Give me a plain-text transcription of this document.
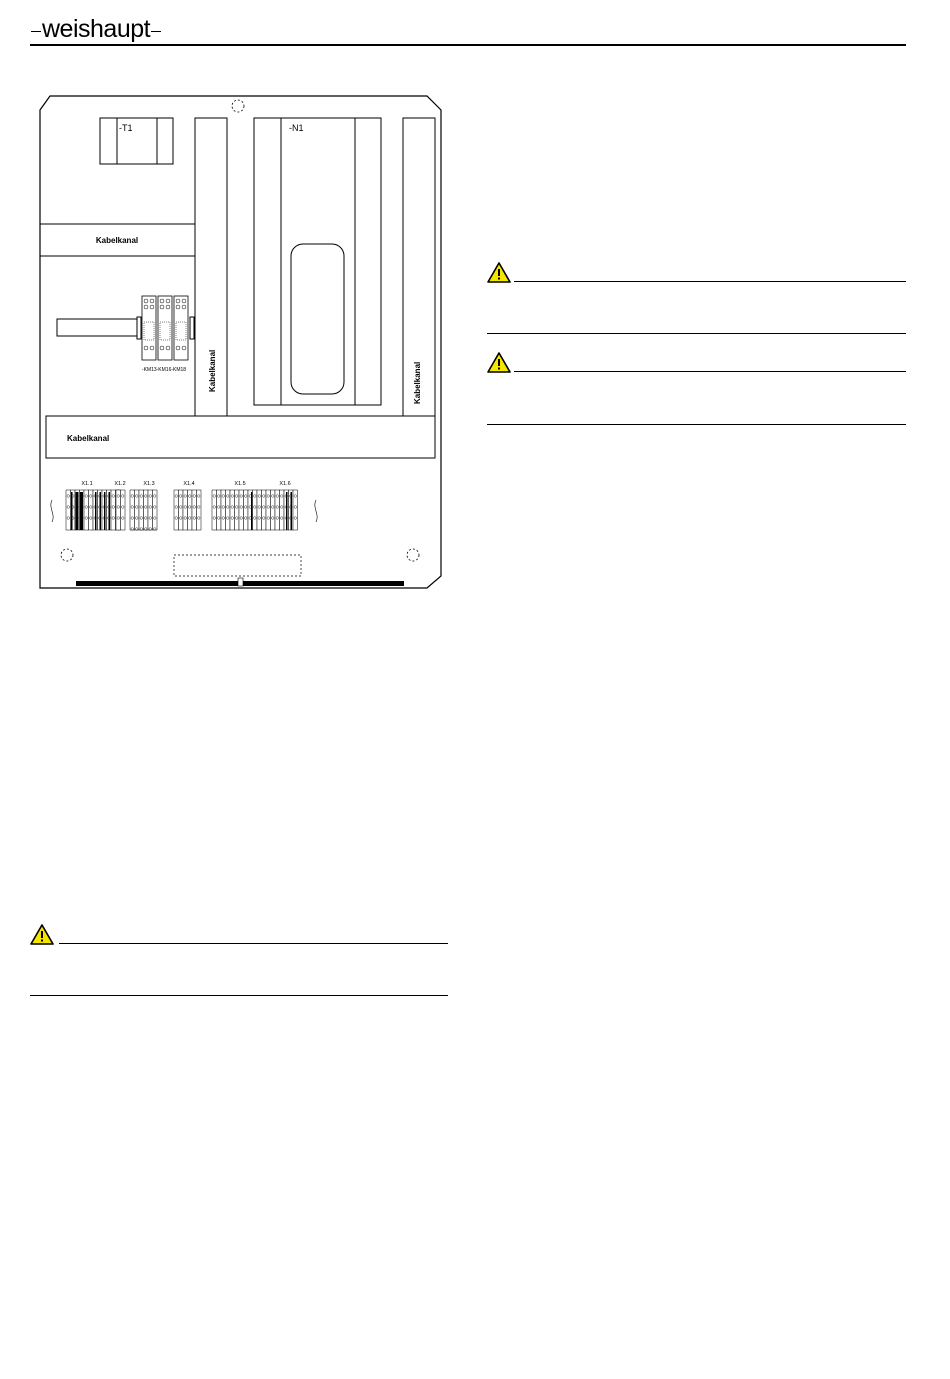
weishaupt
-T1
Kabelkanal
Kabelkanal
-N1
Kabelkanal
-KM13-KM16-KM18
Kabelkanal
X1.1	X1.2	X1.3	X1.4	X1.5	X1.6
